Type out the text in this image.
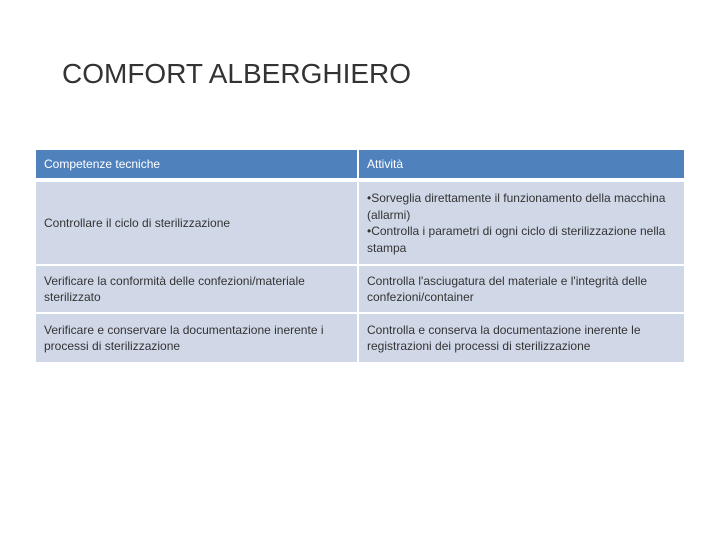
COMFORT ALBERGHIERO
Competenze tecniche	Attività
Controllare il ciclo di sterilizzazione	•Sorveglia direttamente il funzionamento della macchina (allarmi)
•Controlla i parametri di ogni ciclo di sterilizzazione nella stampa

Verificare la conformità delle confezioni/materiale sterilizzato	Controlla l'asciugatura del materiale e l'integrità delle confezioni/container
Verificare e conservare la documentazione inerente i processi di sterilizzazione	Controlla e conserva la documentazione inerente le registrazioni dei processi di sterilizzazione
